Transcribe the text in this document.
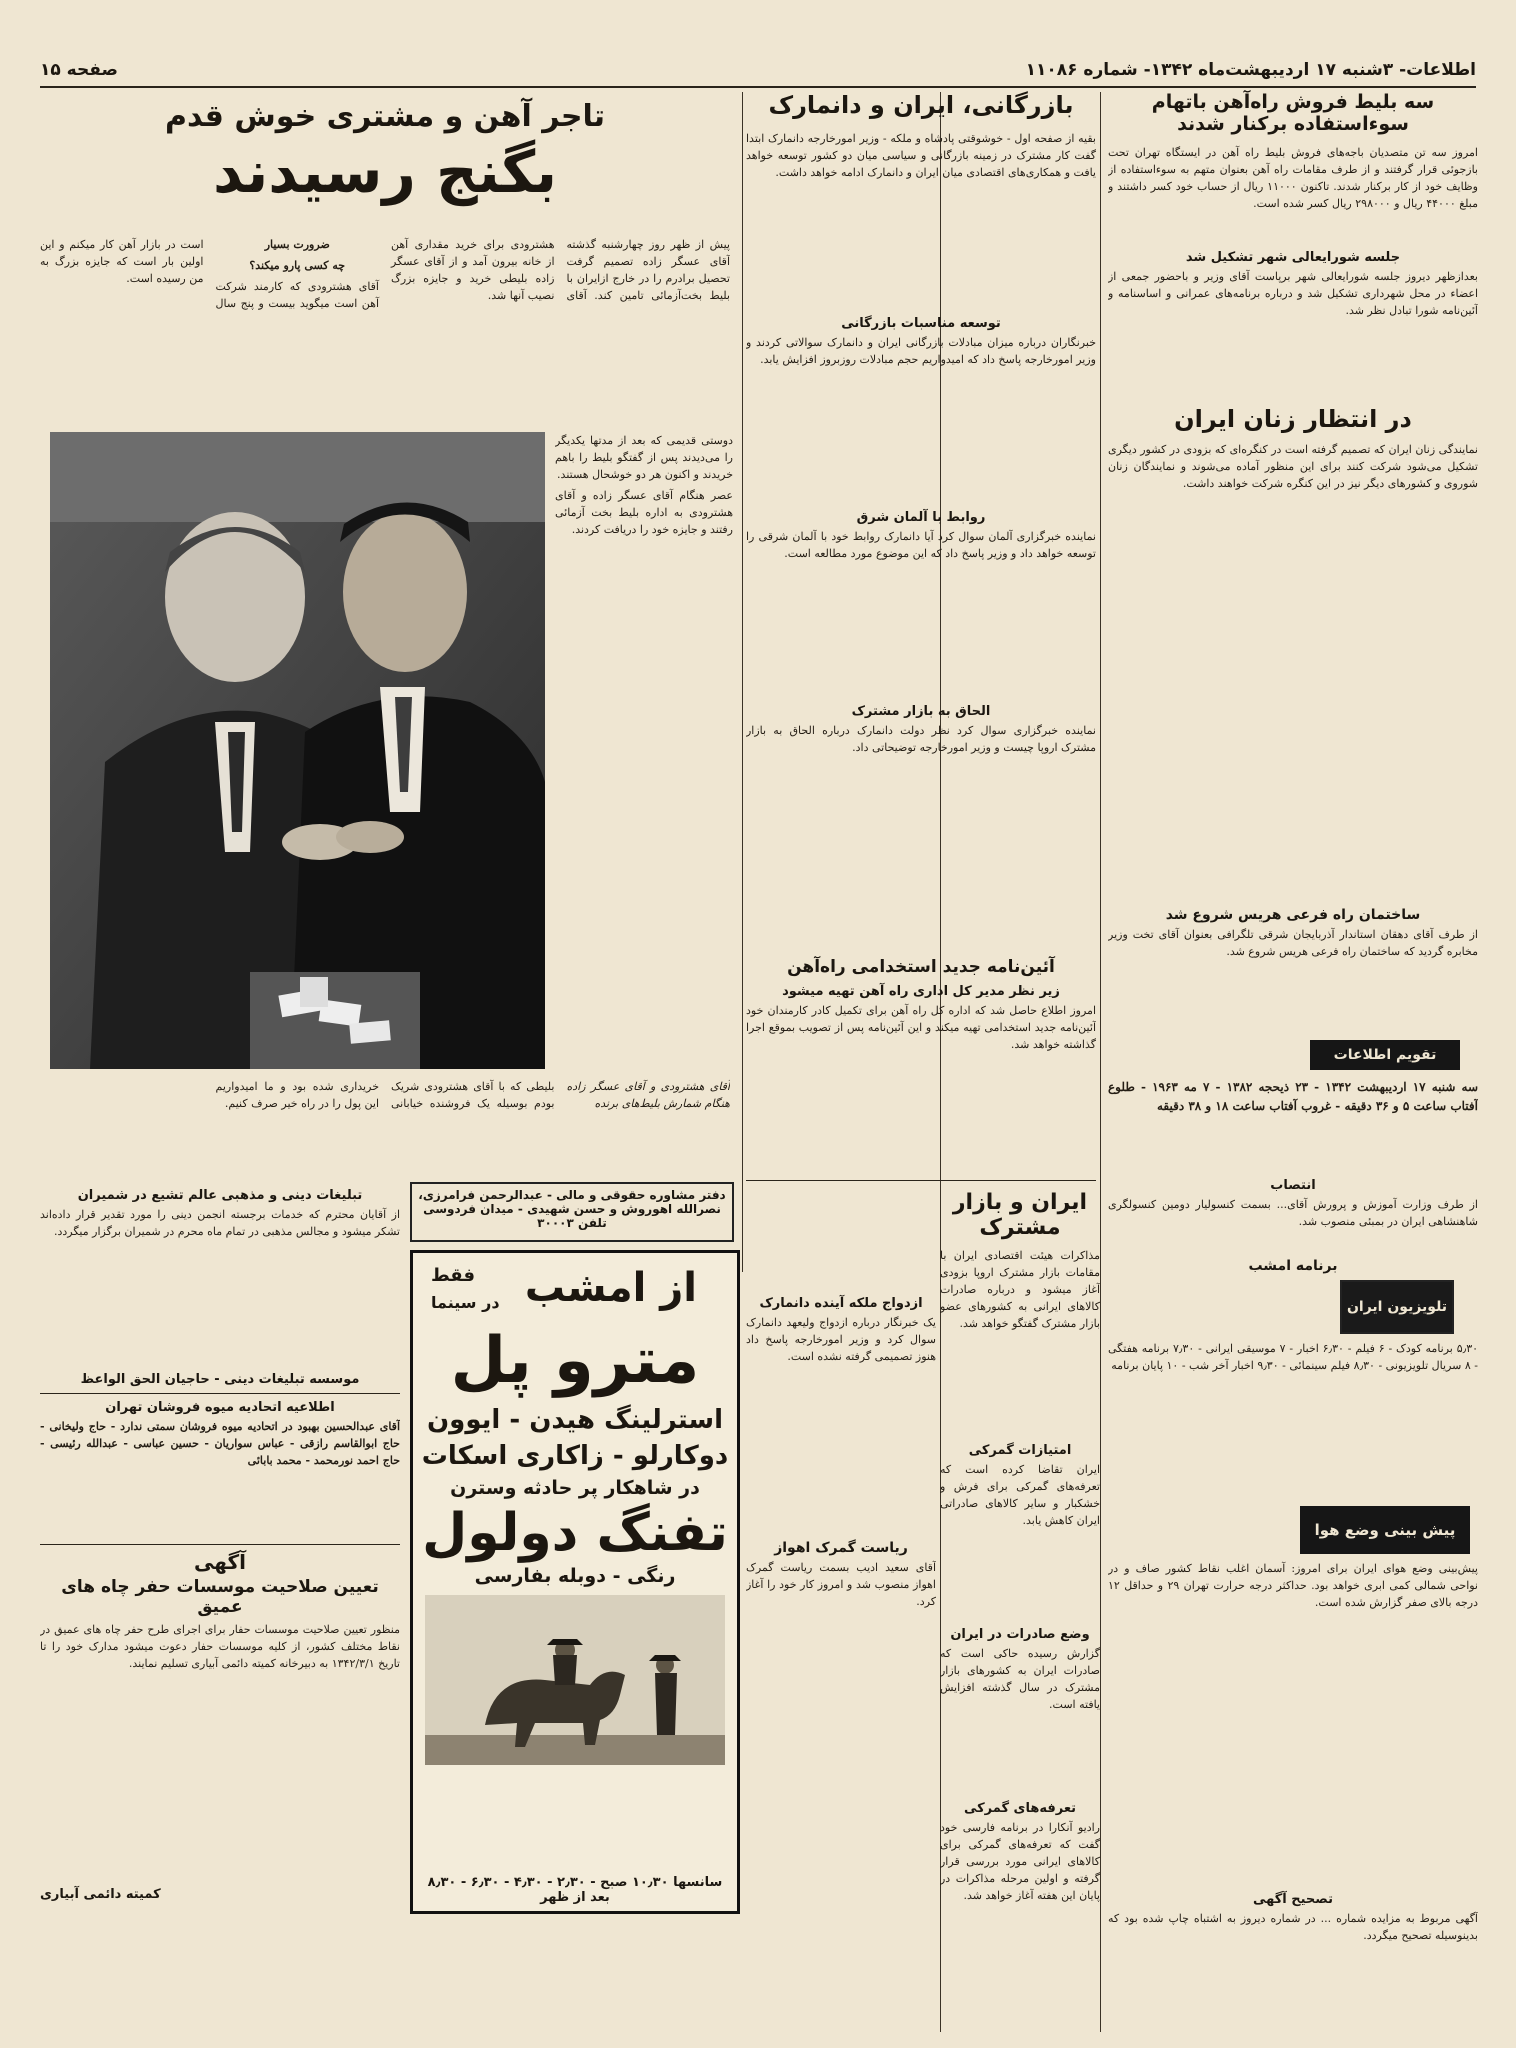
اطلاعات- ۳شنبه ۱۷ اردیبهشت‌ماه ۱۳۴۲- شماره ۱۱۰۸۶
صفحه ۱۵
سه بلیط فروش راه‌آهن باتهام سوءاستفاده برکنار شدند
امروز سه تن متصدیان باجه‌های فروش بلیط راه آهن در ایستگاه تهران تحت بازجوئی قرار گرفتند و از طرف مقامات راه آهن بعنوان متهم به سوءاستفاده از وظایف خود از کار برکنار شدند. تاکنون ۱۱۰۰۰ ریال از حساب خود کسر داشتند و مبلغ ۴۴۰۰۰ ریال و ۲۹۸۰۰۰ ریال کسر شده است.
جلسه شورایعالی شهر تشکیل شد
بعدازظهر دیروز جلسه شورایعالی شهر برپاست آقای وزیر و باحضور جمعی از اعضاء در محل شهرداری تشکیل شد و درباره برنامه‌های عمرانی و اساسنامه و آئین‌نامه شورا تبادل نظر شد.
در انتظار زنان ایران
نمایندگی زنان ایران که تصمیم گرفته است در کنگره‌ای که بزودی در کشور دیگری تشکیل می‌شود شرکت کنند برای این منظور آماده می‌شوند و نمایندگان زنان شوروی و کشورهای دیگر نیز در این کنگره شرکت خواهند داشت.
ساختمان راه فرعی هریس شروع شد
از طرف آقای دهقان استاندار آذربایجان شرقی تلگرافی بعنوان آقای تخت وزیر مخابره گردید که ساختمان راه فرعی هریس شروع شد.
تقویم اطلاعات
سه شنبه ۱۷ اردیبهشت ۱۳۴۲ - ۲۳ ذیحجه ۱۳۸۲ - ۷ مه ۱۹۶۳ - طلوع آفتاب ساعت ۵ و ۳۶ دقیقه - غروب آفتاب ساعت ۱۸ و ۳۸ دقیقه
انتصاب
از طرف وزارت آموزش و پرورش آقای... بسمت کنسولیار دومین کنسولگری شاهنشاهی ایران در بمبئی منصوب شد.
برنامه امشب
تلویزیون ایران
۵٫۳۰ برنامه کودک - ۶ فیلم - ۶٫۳۰ اخبار - ۷ موسیقی ایرانی - ۷٫۳۰ برنامه هفتگی - ۸ سریال تلویزیونی - ۸٫۳۰ فیلم سینمائی - ۹٫۳۰ اخبار آخر شب - ۱۰ پایان برنامه
پیش بینی وضع هوا
پیش‌بینی وضع هوای ایران برای امروز: آسمان اغلب نقاط کشور صاف و در نواحی شمالی کمی ابری خواهد بود. حداکثر درجه حرارت تهران ۲۹ و حداقل ۱۲ درجه بالای صفر گزارش شده است.
تصحیح آگهی
آگهی مربوط به مزایده شماره ... در شماره دیروز به اشتباه چاپ شده بود که بدینوسیله تصحیح میگردد.
بازرگانی، ایران و دانمارک
بقیه از صفحه اول - خوشوقتی پادشاه و ملکه - وزیر امورخارجه دانمارک ابتدا گفت کار مشترک در زمینه بازرگانی و سیاسی میان دو کشور توسعه خواهد یافت و همکاری‌های اقتصادی میان ایران و دانمارک ادامه خواهد داشت.
توسعه مناسبات بازرگانی
خبرنگاران درباره میزان مبادلات بازرگانی ایران و دانمارک سوالاتی کردند و وزیر امورخارجه پاسخ داد که امیدواریم حجم مبادلات روزبروز افزایش یابد.
روابط با آلمان شرق
نماینده خبرگزاری آلمان سوال کرد آیا دانمارک روابط خود با آلمان شرقی را توسعه خواهد داد و وزیر پاسخ داد که این موضوع مورد مطالعه است.
الحاق به بازار مشترک
نماینده خبرگزاری سوال کرد نظر دولت دانمارک درباره الحاق به بازار مشترک اروپا چیست و وزیر امورخارجه توضیحاتی داد.
ازدواج ملکه آینده دانمارک
یک خبرنگار درباره ازدواج ولیعهد دانمارک سوال کرد و وزیر امورخارجه پاسخ داد هنوز تصمیمی گرفته نشده است.
ریاست گمرک اهواز
آقای سعید ادیب بسمت ریاست گمرک اهواز منصوب شد و امروز کار خود را آغاز کرد.
آئین‌نامه جدید استخدامی راه‌آهن
زیر نظر مدیر کل اداری راه آهن تهیه میشود
امروز اطلاع حاصل شد که اداره کل راه آهن برای تکمیل کادر کارمندان خود آئین‌نامه جدید استخدامی تهیه میکند و این آئین‌نامه پس از تصویب بموقع اجرا گذاشته خواهد شد.
ایران و بازار مشترک
مذاکرات هیئت اقتصادی ایران با مقامات بازار مشترک اروپا بزودی آغاز میشود و درباره صادرات کالاهای ایرانی به کشورهای عضو بازار مشترک گفتگو خواهد شد.
امتیازات گمرکی
ایران تقاضا کرده است که تعرفه‌های گمرکی برای فرش و خشکبار و سایر کالاهای صادراتی ایران کاهش یابد.
وضع صادرات در ایران
گزارش رسیده حاکی است که صادرات ایران به کشورهای بازار مشترک در سال گذشته افزایش یافته است.
تعرفه‌های گمرکی
رادیو آنکارا در برنامه فارسی خود گفت که تعرفه‌های گمرکی برای کالاهای ایرانی مورد بررسی قرار گرفته و اولین مرحله مذاکرات در پایان این هفته آغاز خواهد شد.
تاجر آهن و مشتری خوش قدم
بگنج رسیدند

پیش از ظهر روز چهارشنبه گذشته آقای عسگر زاده تصمیم گرفت تحصیل برادرم را در خارج ازایران با بلیط بخت‌آزمائی تامین کند. آقای هشترودی برای خرید مقداری آهن از خانه بیرون آمد و از آقای عسگر زاده بلیطی خرید و جایزه بزرگ نصیب آنها شد.

ضرورت بسیار

چه کسی پارو میکند؟

آقای هشترودی که کارمند شرکت آهن است میگوید بیست و پنج سال است در بازار آهن کار میکنم و این اولین بار است که جایزه بزرگ به من رسیده است.

دوستی قدیمی که بعد از مدتها یکدیگر را می‌دیدند پس از گفتگو بلیط را باهم خریدند و اکنون هر دو خوشحال هستند.

عصر هنگام آقای عسگر زاده و آقای هشترودی به اداره بلیط بخت آزمائی رفتند و جایزه خود را دریافت کردند.

آقای هشترودی و آقای عسگر زاده هنگام شمارش بلیط‌های برنده

بلیطی که با آقای هشترودی شریک بودم بوسیله یک فروشنده خیابانی خریداری شده بود و ما امیدواریم این پول را در راه خیر صرف کنیم.

دفتر مشاوره حقوقی و مالی - عبدالرحمن فرامرزی، نصرالله اهوروش و حسن شهیدی - میدان فردوسی تلفن ۳۰۰۰۳
تبلیغات دینی و مذهبی عالم تشیع در شمیران
از آقایان محترم که خدمات برجسته انجمن دینی را مورد تقدیر قرار داده‌اند تشکر میشود و مجالس مذهبی در تمام ماه محرم در شمیران برگزار میگردد.
موسسه تبلیغات دینی - حاجیان الحق الواعظ
اطلاعیه اتحادیه میوه فروشان تهران
آقای عبدالحسین بهبود در اتحادیه میوه فروشان سمتی ندارد - حاج ولیخانی - حاج ابوالقاسم رازقی - عباس سواریان - حسین عباسی - عبدالله رئیسی - حاج احمد نورمحمد - محمد بابائی
آگهی
تعیین صلاحیت موسسات حفر چاه های عمیق
منظور تعیین صلاحیت موسسات حفار برای اجرای طرح حفر چاه های عمیق در نقاط مختلف کشور، از کلیه موسسات حفار دعوت میشود مدارک خود را تا تاریخ ۱۳۴۲/۳/۱ به دبیرخانه کمیته دائمی آبیاری تسلیم نمایند.
کمیته دائمی آبیاری
از امشب
فقط
در سینما
مترو پل
استرلینگ هیدن - ایوون
دوکارلو - زاکاری اسکات
در شاهکار پر حادثه وسترن
تفنگ دولول
رنگی - دوبله بفارسی
سانسها ۱۰٫۳۰ صبح - ۲٫۳۰ - ۴٫۳۰ - ۶٫۳۰ - ۸٫۳۰ بعد از ظهر
